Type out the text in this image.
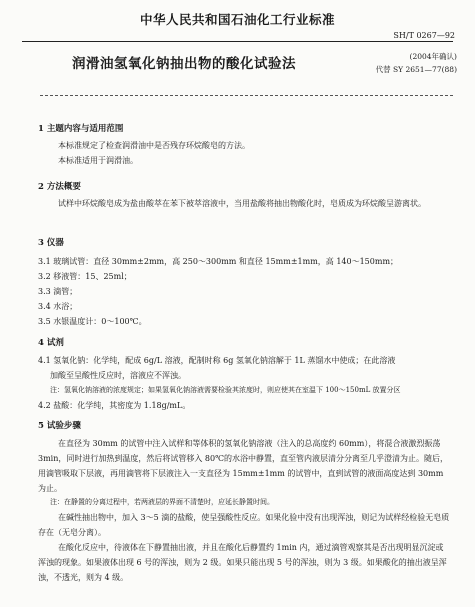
中华人民共和国石油化工行业标准
SH/T 0267—92
润滑油氢氧化钠抽出物的酸化试验法	(2004年确认)
代替 SY 2651—77(88)
1 主题内容与适用范围
本标准规定了检查润滑油中是否残存环烷酸皂的方法。
本标准适用于润滑油。
2 方法概要
试样中环烷酸皂成为盐由酸萃在苯下被萃溶液中，当用盐酸将抽出物酸化时，皂质成为环烷酸呈游离状。
3 仪器
3.1 玻璃试管：直径 30mm±2mm，高 250～300mm 和直径 15mm±1mm，高 140～150mm；
3.2 移液管：15、25ml；
3.3 滴管；
3.4 水浴；
3.5 水银温度计：0～100℃。
4 试剂
4.1 氢氧化钠：化学纯，配成 6g/L 溶液，配制时称 6g 氢氧化钠溶解于 1L 蒸馏水中使成；在此溶液
加酸至呈酸性反应时，溶液应不浑浊。
注：氢氧化钠溶液的浓度规定；如果氢氧化钠溶液需要检验其浓度时，则应使其在室温下 100～150mL 放置分区
4.2 盐酸：化学纯，其密度为 1.18g/mL。
5 试验步骤
在直径为 30mm 的试管中注入试样和等体积的氢氧化钠溶液（注入的总高度约 60mm），将混合液激烈振荡 3min，同时进行加热到温度，然后将试管移入 80℃的水浴中静置，直至管内液层清分分离至几乎澄清为止。随后，用滴管吸取下层液，再用滴管将下层液注入一支直径为 15mm±1mm 的试管中，直到试管的液面高度达到 30mm 为止。
注：在静置的分离过程中，若两液层的界面不清楚时，应延长静置时间。
在碱性抽出物中，加入 3～5 滴的盐酸，使呈强酸性反应。如果化验中没有出现浑浊，则记为试样经检验无皂质存在（无皂分离）。
在酸化反应中，待液体在下静置抽出液，并且在酸化后静置约 1min 内，通过滴管观察其是否出现明显沉淀或浑浊的现象。如果液体出现 6 号的浑浊，则为 2 级。如果只能出现 5 号的浑浊，则为 3 级。如果酸化的抽出液呈浑浊，不透光，则为 4 级。
